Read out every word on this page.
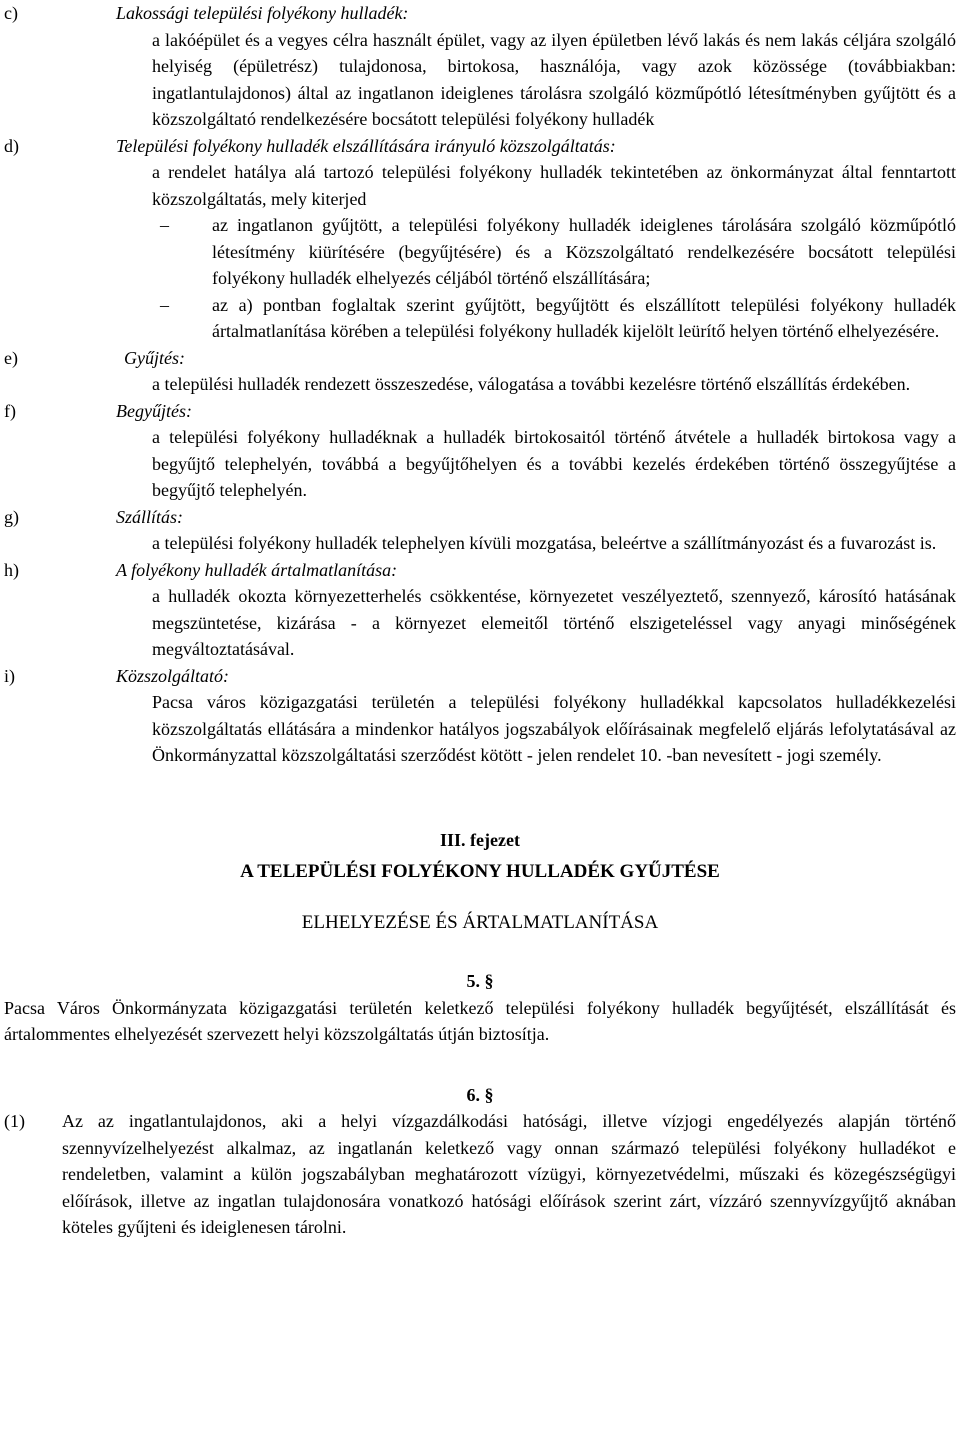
c)	Lakossági települési folyékony hulladék:
a lakóépület és a vegyes célra használt épület, vagy az ilyen épületben lévő lakás és nem lakás céljára szolgáló helyiség (épületrész) tulajdonosa, birtokosa, használója, vagy azok közössége (továbbiakban: ingatlantulajdonos) által az ingatlanon ideiglenes tárolásra szolgáló közműpótló létesítményben gyűjtött és a közszolgáltató rendelkezésére bocsátott települési folyékony hulladék
d)	Települési folyékony hulladék elszállítására irányuló közszolgáltatás:
a rendelet hatálya alá tartozó települési folyékony hulladék tekintetében az önkormányzat által fenntartott közszolgáltatás, mely kiterjed
– az ingatlanon gyűjtött, a települési folyékony hulladék ideiglenes tárolására szolgáló közműpótló létesítmény kiürítésére (begyűjtésére) és a Közszolgáltató rendelkezésére bocsátott települési folyékony hulladék elhelyezés céljából történő elszállítására;
– az a) pontban foglaltak szerint gyűjtött, begyűjtött és elszállított települési folyékony hulladék ártalmatlanítása körében a települési folyékony hulladék kijelölt leürítő helyen történő elhelyezésére.
e)	Gyűjtés:
a települési hulladék rendezett összeszedése, válogatása a további kezelésre történő elszállítás érdekében.
f)	Begyűjtés:
a települési folyékony hulladéknak a hulladék birtokosaitól történő átvétele a hulladék birtokosa vagy a begyűjtő telephelyén, továbbá a begyűjtőhelyen és a további kezelés érdekében történő összegyűjtése a begyűjtő telephelyén.
g)	Szállítás:
a települési folyékony hulladék telephelyen kívüli mozgatása, beleértve a szállítmányozást és a fuvarozást is.
h)	A folyékony hulladék ártalmatlanítása:
a hulladék okozta környezetterhelés csökkentése, környezetet veszélyeztető, szennyező, károsító hatásának megszüntetése, kizárása - a környezet elemeitől történő elszigeteléssel vagy anyagi minőségének megváltoztatásával.
i)	Közszolgáltató:
Pacsa város közigazgatási területén a települési folyékony hulladékkal kapcsolatos hulladékkezelési közszolgáltatás ellátására a mindenkor hatályos jogszabályok előírásainak megfelelő eljárás lefolytatásával az Önkormányzattal közszolgáltatási szerződést kötött - jelen rendelet 10. -ban nevesített - jogi személy.
III. fejezet
A TELEPÜLÉSI FOLYÉKONY HULLADÉK GYŰJTÉSE
ELHELYEZÉSE ÉS ÁRTALMATLANÍTÁSA
5. §
Pacsa Város Önkormányzata közigazgatási területén keletkező települési folyékony hulladék begyűjtését, elszállítását és ártalommentes elhelyezését szervezett helyi közszolgáltatás útján biztosítja.
6. §
(1) Az az ingatlantulajdonos, aki a helyi vízgazdálkodási hatósági, illetve vízjogi engedélyezés alapján történő szennyvízelhelyezést alkalmaz, az ingatlanán keletkező vagy onnan származó települési folyékony hulladékot e rendeletben, valamint a külön jogszabályban meghatározott vízügyi, környezetvédelmi, műszaki és közegészségügyi előírások, illetve az ingatlan tulajdonosára vonatkozó hatósági előírások szerint zárt, vízzáró szennyvízgyűjtő aknában köteles gyűjteni és ideiglenesen tárolni.
